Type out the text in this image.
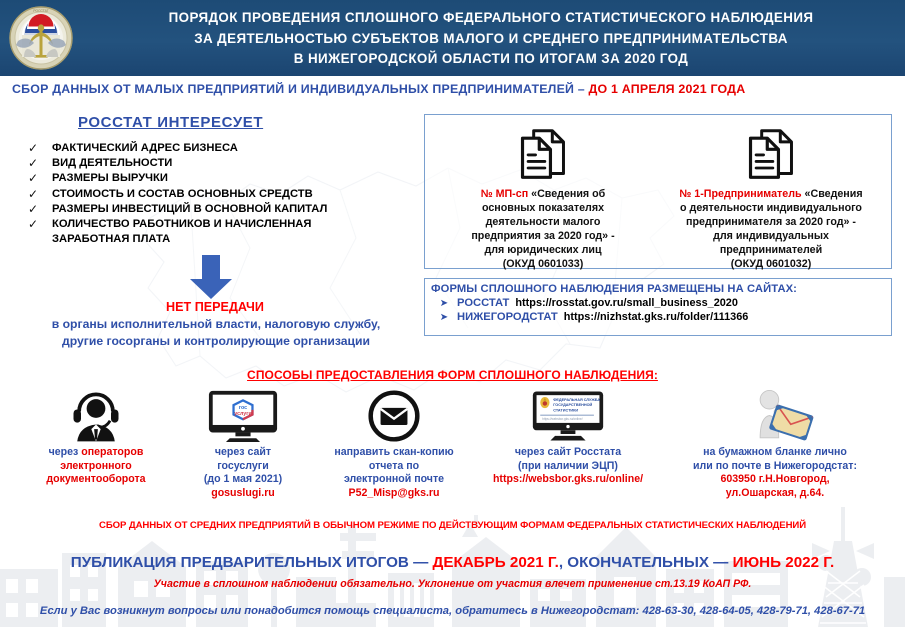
РОССТАТ	ПОРЯДОК ПРОВЕДЕНИЯ СПЛОШНОГО ФЕДЕРАЛЬНОГО СТАТИСТИЧЕСКОГО НАБЛЮДЕНИЯ
ЗА ДЕЯТЕЛЬНОСТЬЮ СУБЪЕКТОВ МАЛОГО И СРЕДНЕГО ПРЕДПРИНИМАТЕЛЬСТВА
В НИЖЕГОРОДСКОЙ ОБЛАСТИ ПО ИТОГАМ ЗА 2020 ГОД
СБОР ДАННЫХ ОТ МАЛЫХ ПРЕДПРИЯТИЙ И ИНДИВИДУАЛЬНЫХ ПРЕДПРИНИМАТЕЛЕЙ – ДО 1 АПРЕЛЯ 2021 ГОДА
РОССТАТ ИНТЕРЕСУЕТ
✓	ФАКТИЧЕСКИЙ АДРЕС БИЗНЕСА
✓	ВИД ДЕЯТЕЛЬНОСТИ
✓	РАЗМЕРЫ ВЫРУЧКИ
✓	СТОИМОСТЬ И СОСТАВ ОСНОВНЫХ СРЕДСТВ
✓	РАЗМЕРЫ ИНВЕСТИЦИЙ В ОСНОВНОЙ КАПИТАЛ
✓	КОЛИЧЕСТВО РАБОТНИКОВ И НАЧИСЛЕННАЯ
ЗАРАБОТНАЯ ПЛАТА
НЕТ ПЕРЕДАЧИ
в органы исполнительной власти, налоговую службу,
другие госорганы и контролирующие организации
№ МП-сп «Сведения об
основных показателях
деятельности малого
предприятия за 2020 год» -
для юридических лиц
(ОКУД 0601033)
№ 1-Предприниматель «Сведения
о деятельности индивидуального
предпринимателя за 2020 год» -
для индивидуальных
предпринимателей
(ОКУД 0601032)
ФОРМЫ СПЛОШНОГО НАБЛЮДЕНИЯ РАЗМЕЩЕНЫ НА САЙТАХ:
➤ РОССТАТ https://rosstat.gov.ru/small_business_2020
➤ НИЖЕГОРОДСТАТ https://nizhstat.gks.ru/folder/111366
СПОСОБЫ ПРЕДОСТАВЛЕНИЯ ФОРМ СПЛОШНОГО НАБЛЮДЕНИЯ:
через операторов
электронного
документооборота
гос
услуги
через сайт
госуслуги
(до 1 мая 2021)
gosuslugi.ru
направить скан-копию
отчета по
электронной почте
P52_Misp@gks.ru
ФЕДЕРАЛЬНАЯ СЛУЖБА
ГОСУДАРСТВЕННОЙ
СТАТИСТИКИ
https://websbor.gks.ru/online/
через сайт Росстата
(при наличии ЭЦП)
https://websbor.gks.ru/online/
на бумажном бланке лично
или по почте в Нижегородстат:
603950 г.Н.Новгород,
ул.Ошарская, д.64.
СБОР ДАННЫХ ОТ СРЕДНИХ ПРЕДПРИЯТИЙ В ОБЫЧНОМ РЕЖИМЕ ПО ДЕЙСТВУЮЩИМ ФОРМАМ ФЕДЕРАЛЬНЫХ СТАТИСТИЧЕСКИХ НАБЛЮДЕНИЙ
ПУБЛИКАЦИЯ ПРЕДВАРИТЕЛЬНЫХ ИТОГОВ — ДЕКАБРЬ 2021 Г., ОКОНЧАТЕЛЬНЫХ — ИЮНЬ 2022 Г.
Участие в сплошном наблюдении обязательно. Уклонение от участия влечет применение ст.13.19 КоАП РФ.
Если у Вас возникнут вопросы или понадобится помощь специалиста, обратитесь в Нижегородстат: 428-63-30, 428-64-05, 428-79-71, 428-67-71
